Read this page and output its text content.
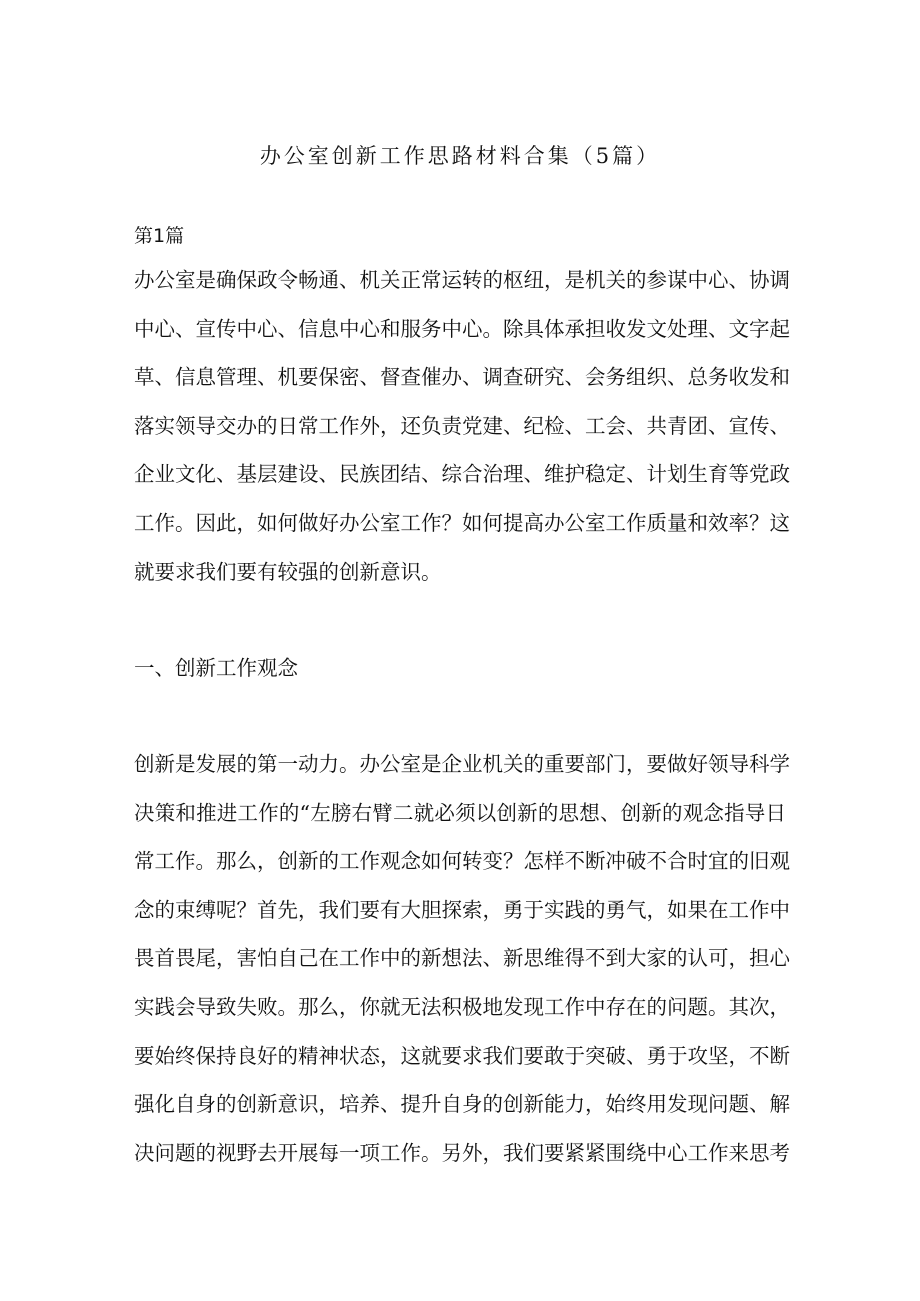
办公室创新工作思路材料合集（5篇）
第1篇
办公室是确保政令畅通、机关正常运转的枢纽，是机关的参谋中心、协调
中心、宣传中心、信息中心和服务中心。除具体承担收发文处理、文字起
草、信息管理、机要保密、督查催办、调查研究、会务组织、总务收发和
落实领导交办的日常工作外，还负责党建、纪检、工会、共青团、宣传、
企业文化、基层建设、民族团结、综合治理、维护稳定、计划生育等党政
工作。因此，如何做好办公室工作？如何提高办公室工作质量和效率？这
就要求我们要有较强的创新意识。
一、创新工作观念
创新是发展的第一动力。办公室是企业机关的重要部门，要做好领导科学
决策和推进工作的“左膀右臂二就必须以创新的思想、创新的观念指导日
常工作。那么，创新的工作观念如何转变？怎样不断冲破不合时宜的旧观
念的束缚呢？首先，我们要有大胆探索，勇于实践的勇气，如果在工作中
畏首畏尾，害怕自己在工作中的新想法、新思维得不到大家的认可，担心
实践会导致失败。那么，你就无法积极地发现工作中存在的问题。其次，
要始终保持良好的精神状态，这就要求我们要敢于突破、勇于攻坚，不断
强化自身的创新意识，培养、提升自身的创新能力，始终用发现问题、解
决问题的视野去开展每一项工作。另外，我们要紧紧围绕中心工作来思考
